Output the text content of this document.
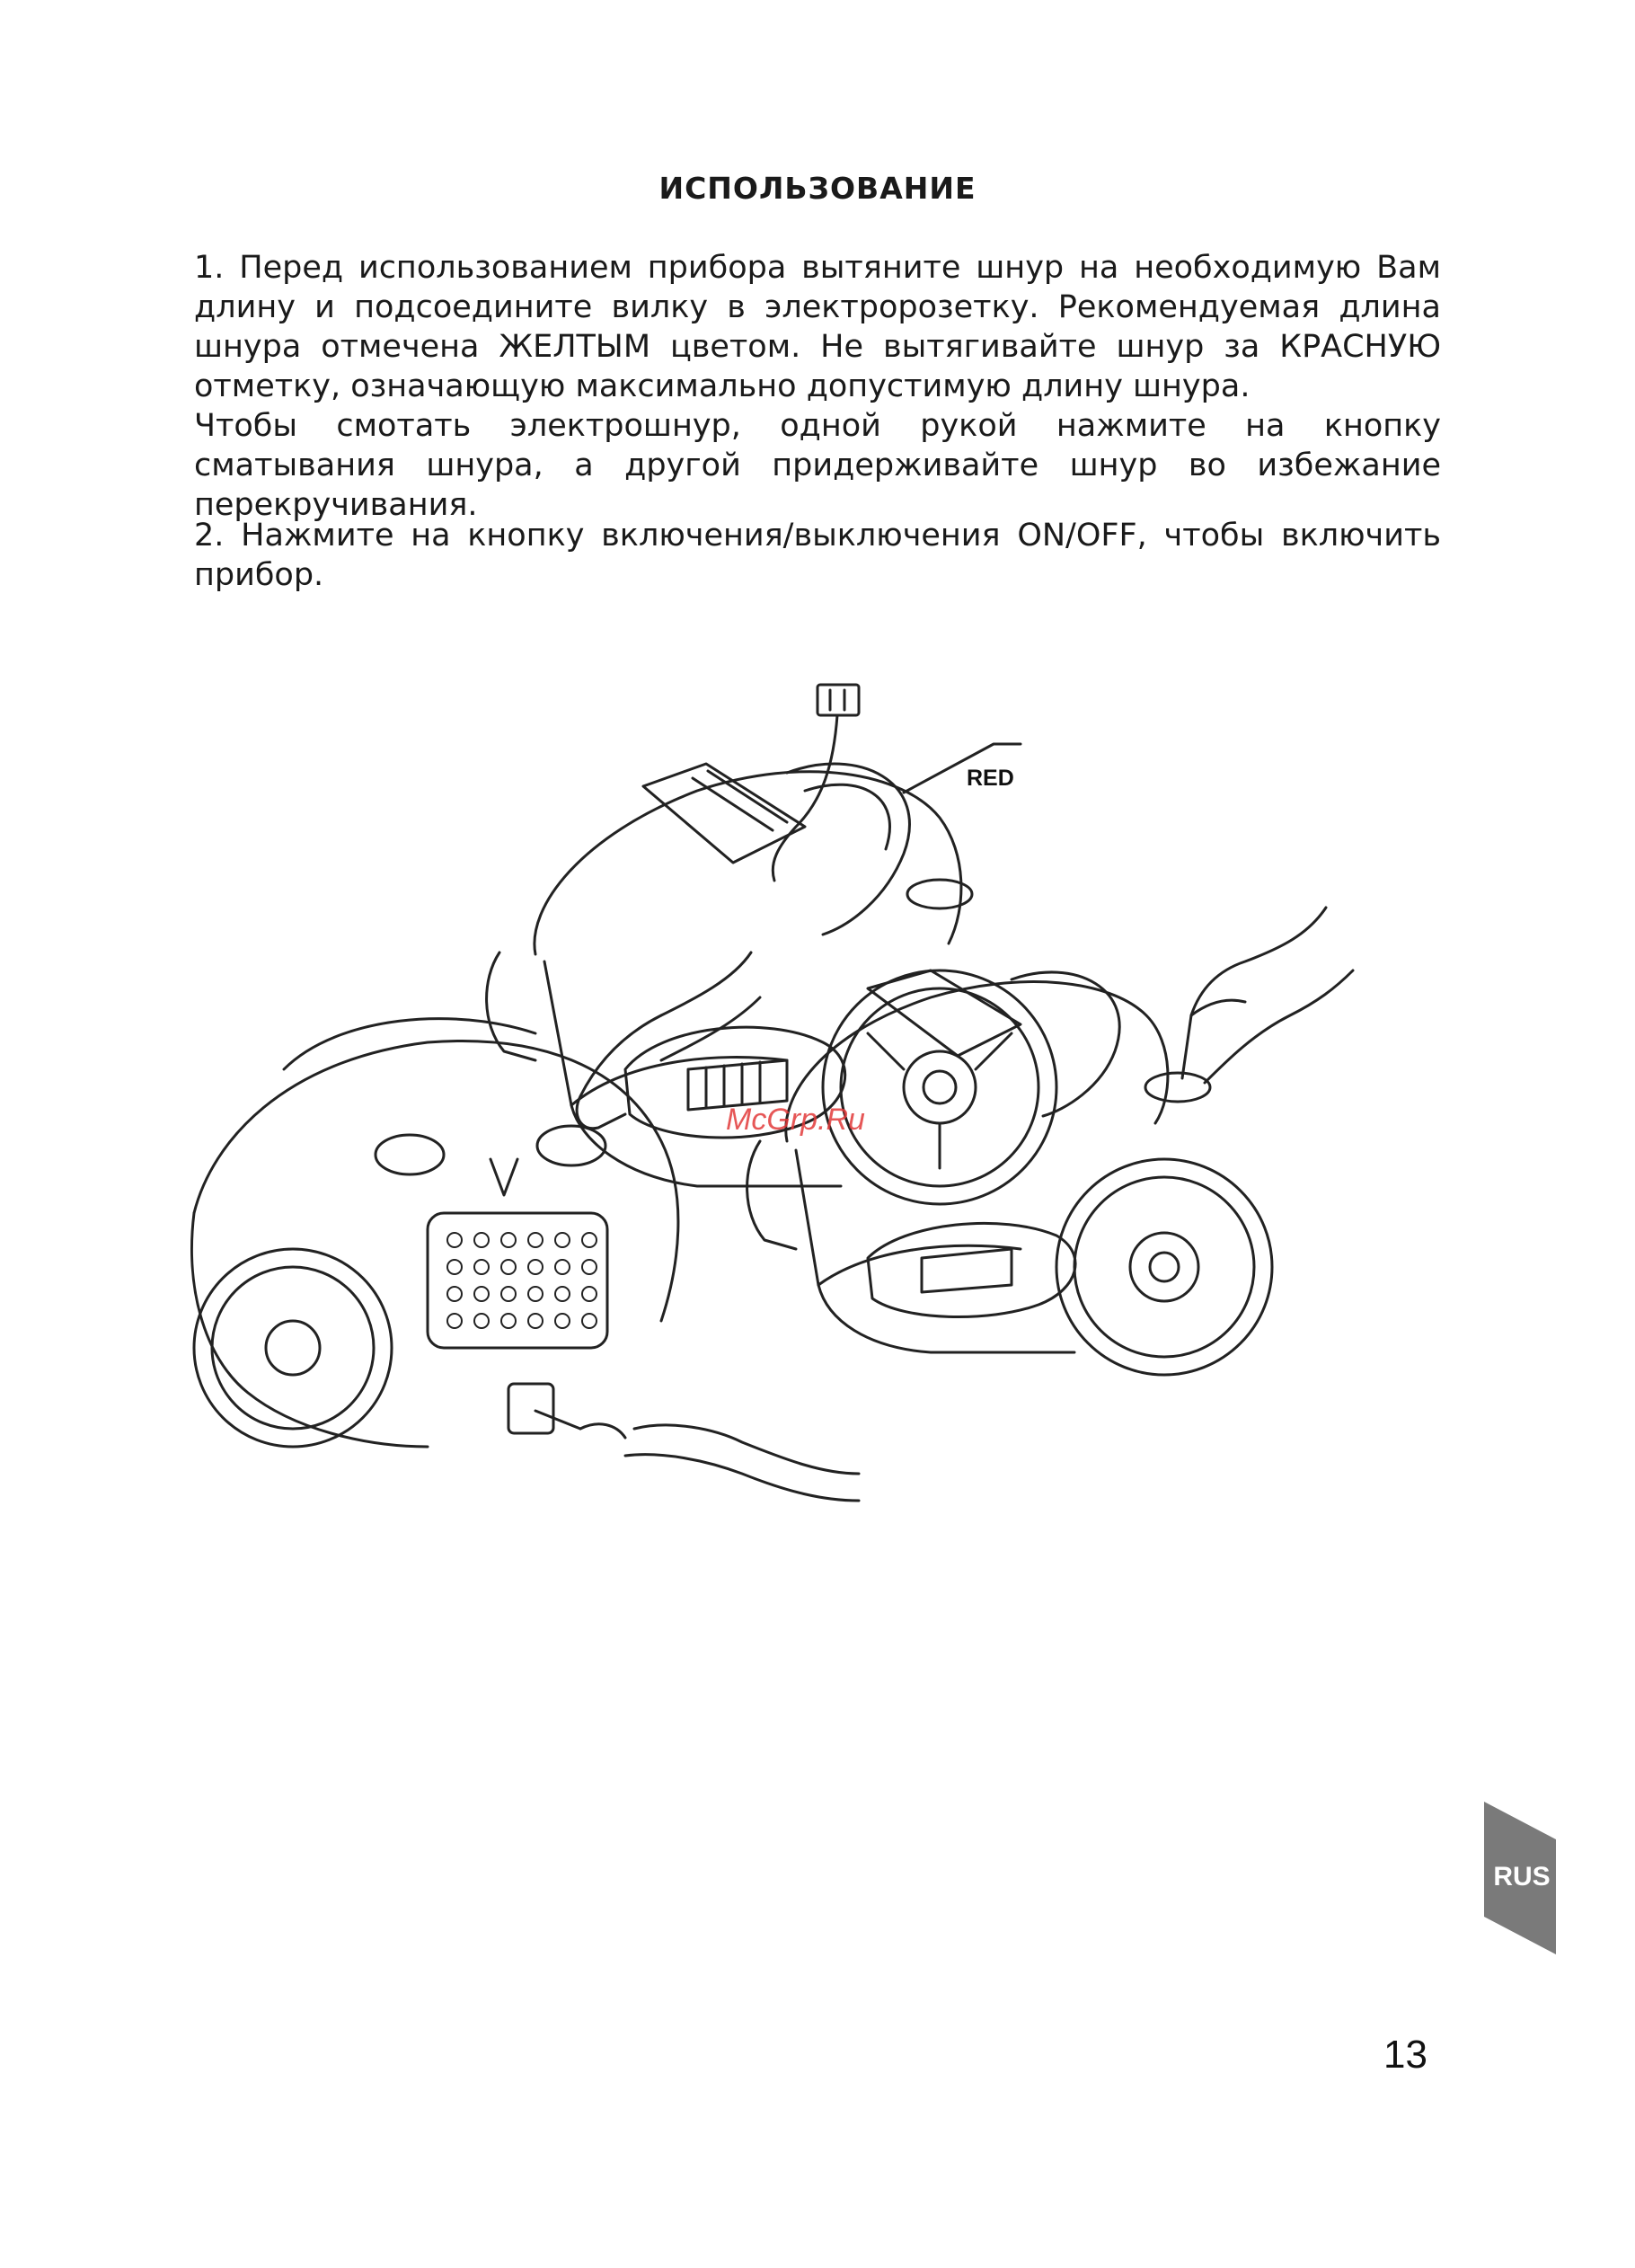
ИСПОЛЬЗОВАНИЕ
1. Перед использованием прибора вытяните шнур на необходимую Вам длину и подсоедините вилку в электророзетку. Рекомендуемая длина шнура отмечена ЖЕЛТЫМ цветом. Не вытягивайте шнур за КРАСНУЮ отметку, означающую максимально допустимую длину шнура.
Чтобы смотать электрошнур, одной рукой нажмите на кнопку сматывания шнура, а другой придерживайте шнур во избежание перекручивания.

2. Нажмите на кнопку включения/выключения ON/OFF, чтобы включить прибор.

RED
McGrp.Ru
RUS
13
